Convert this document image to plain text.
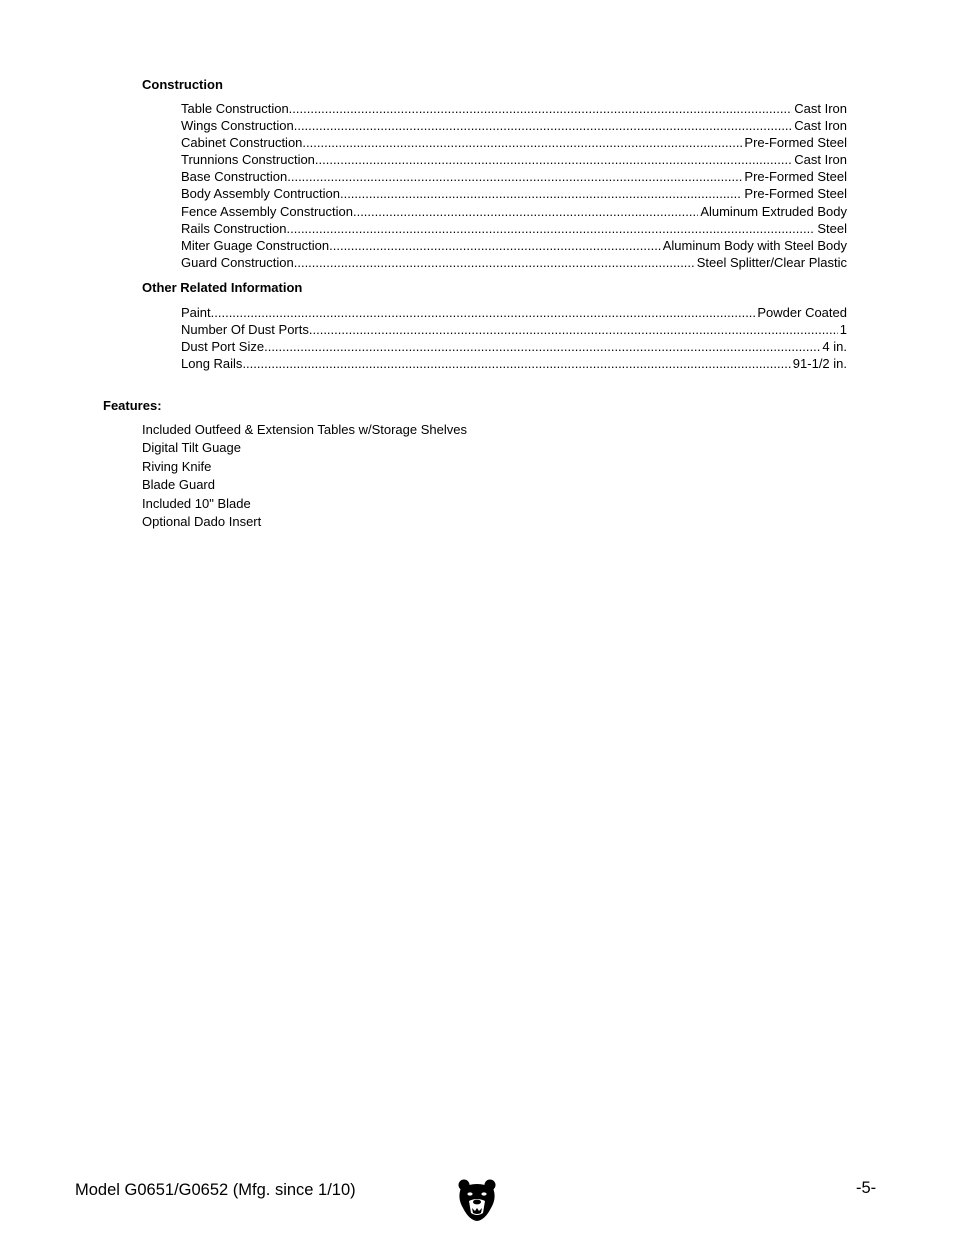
Construction
Table Construction .....	Cast Iron
Wings Construction .....	Cast Iron
Cabinet Construction .....	Pre-Formed Steel
Trunnions Construction .....	Cast Iron
Base Construction .....	Pre-Formed Steel
Body Assembly Contruction .....	Pre-Formed Steel
Fence Assembly Construction .....	Aluminum Extruded Body
Rails Construction .....	Steel
Miter Guage Construction .....	Aluminum Body with Steel Body
Guard Construction .....	Steel Splitter/Clear Plastic
Other Related Information
Paint .....	Powder Coated
Number Of Dust Ports .....	1
Dust Port Size .....	4 in.
Long Rails .....	91-1/2 in.
Features:
Included Outfeed & Extension Tables w/Storage Shelves
Digital Tilt Guage
Riving Knife
Blade Guard
Included 10" Blade
Optional Dado Insert
Model G0651/G0652 (Mfg. since 1/10)	-5-
